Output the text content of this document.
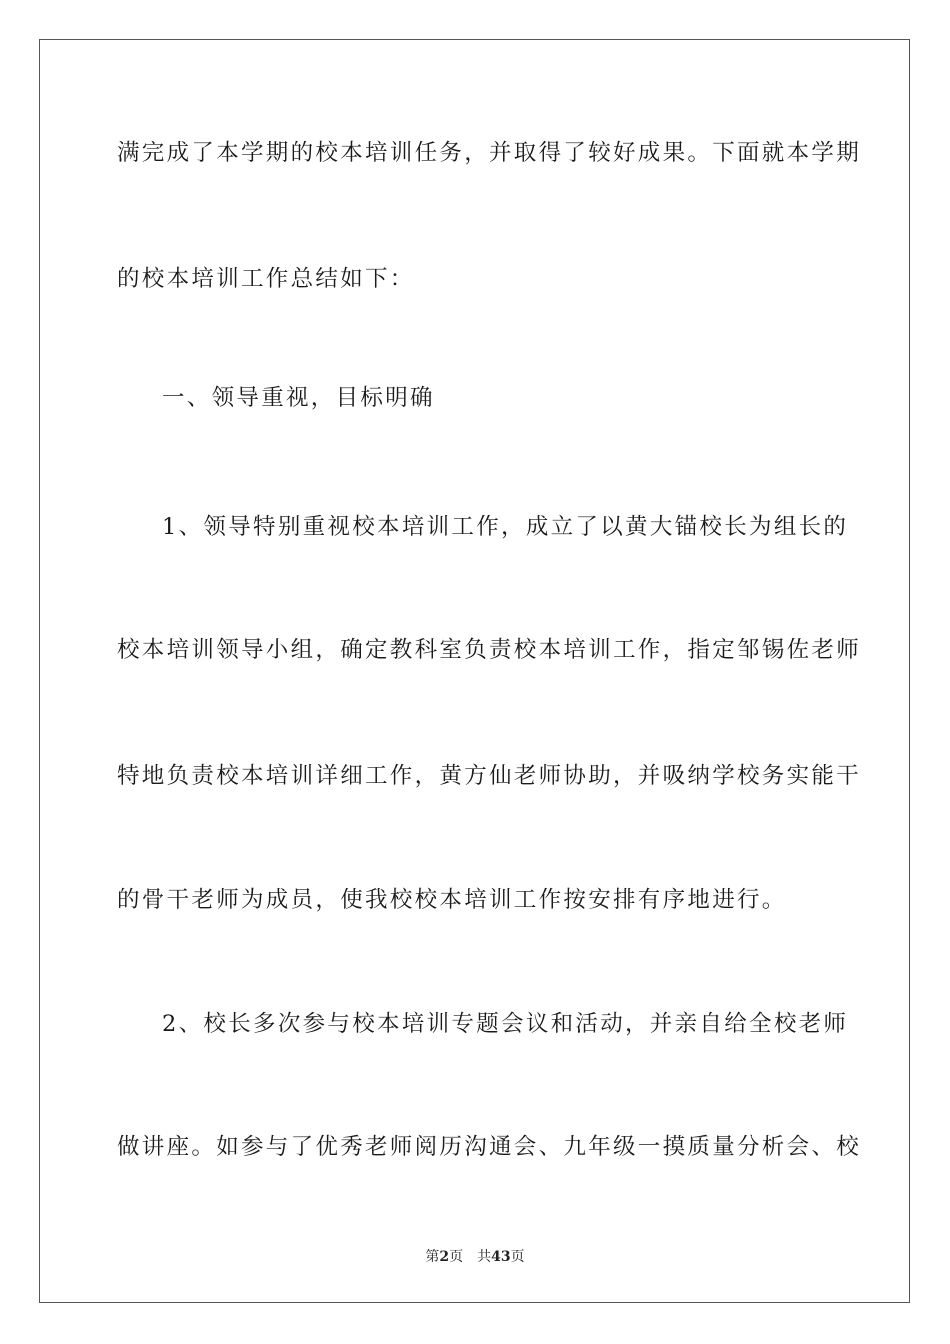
满完成了本学期的校本培训任务，并取得了较好成果。下面就本学期
的校本培训工作总结如下：
一、领导重视，目标明确
1、领导特别重视校本培训工作，成立了以黄大锚校长为组长的
校本培训领导小组，确定教科室负责校本培训工作，指定邹锡佐老师
特地负责校本培训详细工作，黄方仙老师协助，并吸纳学校务实能干
的骨干老师为成员，使我校校本培训工作按安排有序地进行。
2、校长多次参与校本培训专题会议和活动，并亲自给全校老师
做讲座。如参与了优秀老师阅历沟通会、九年级一摸质量分析会、校
第2页 共43页
